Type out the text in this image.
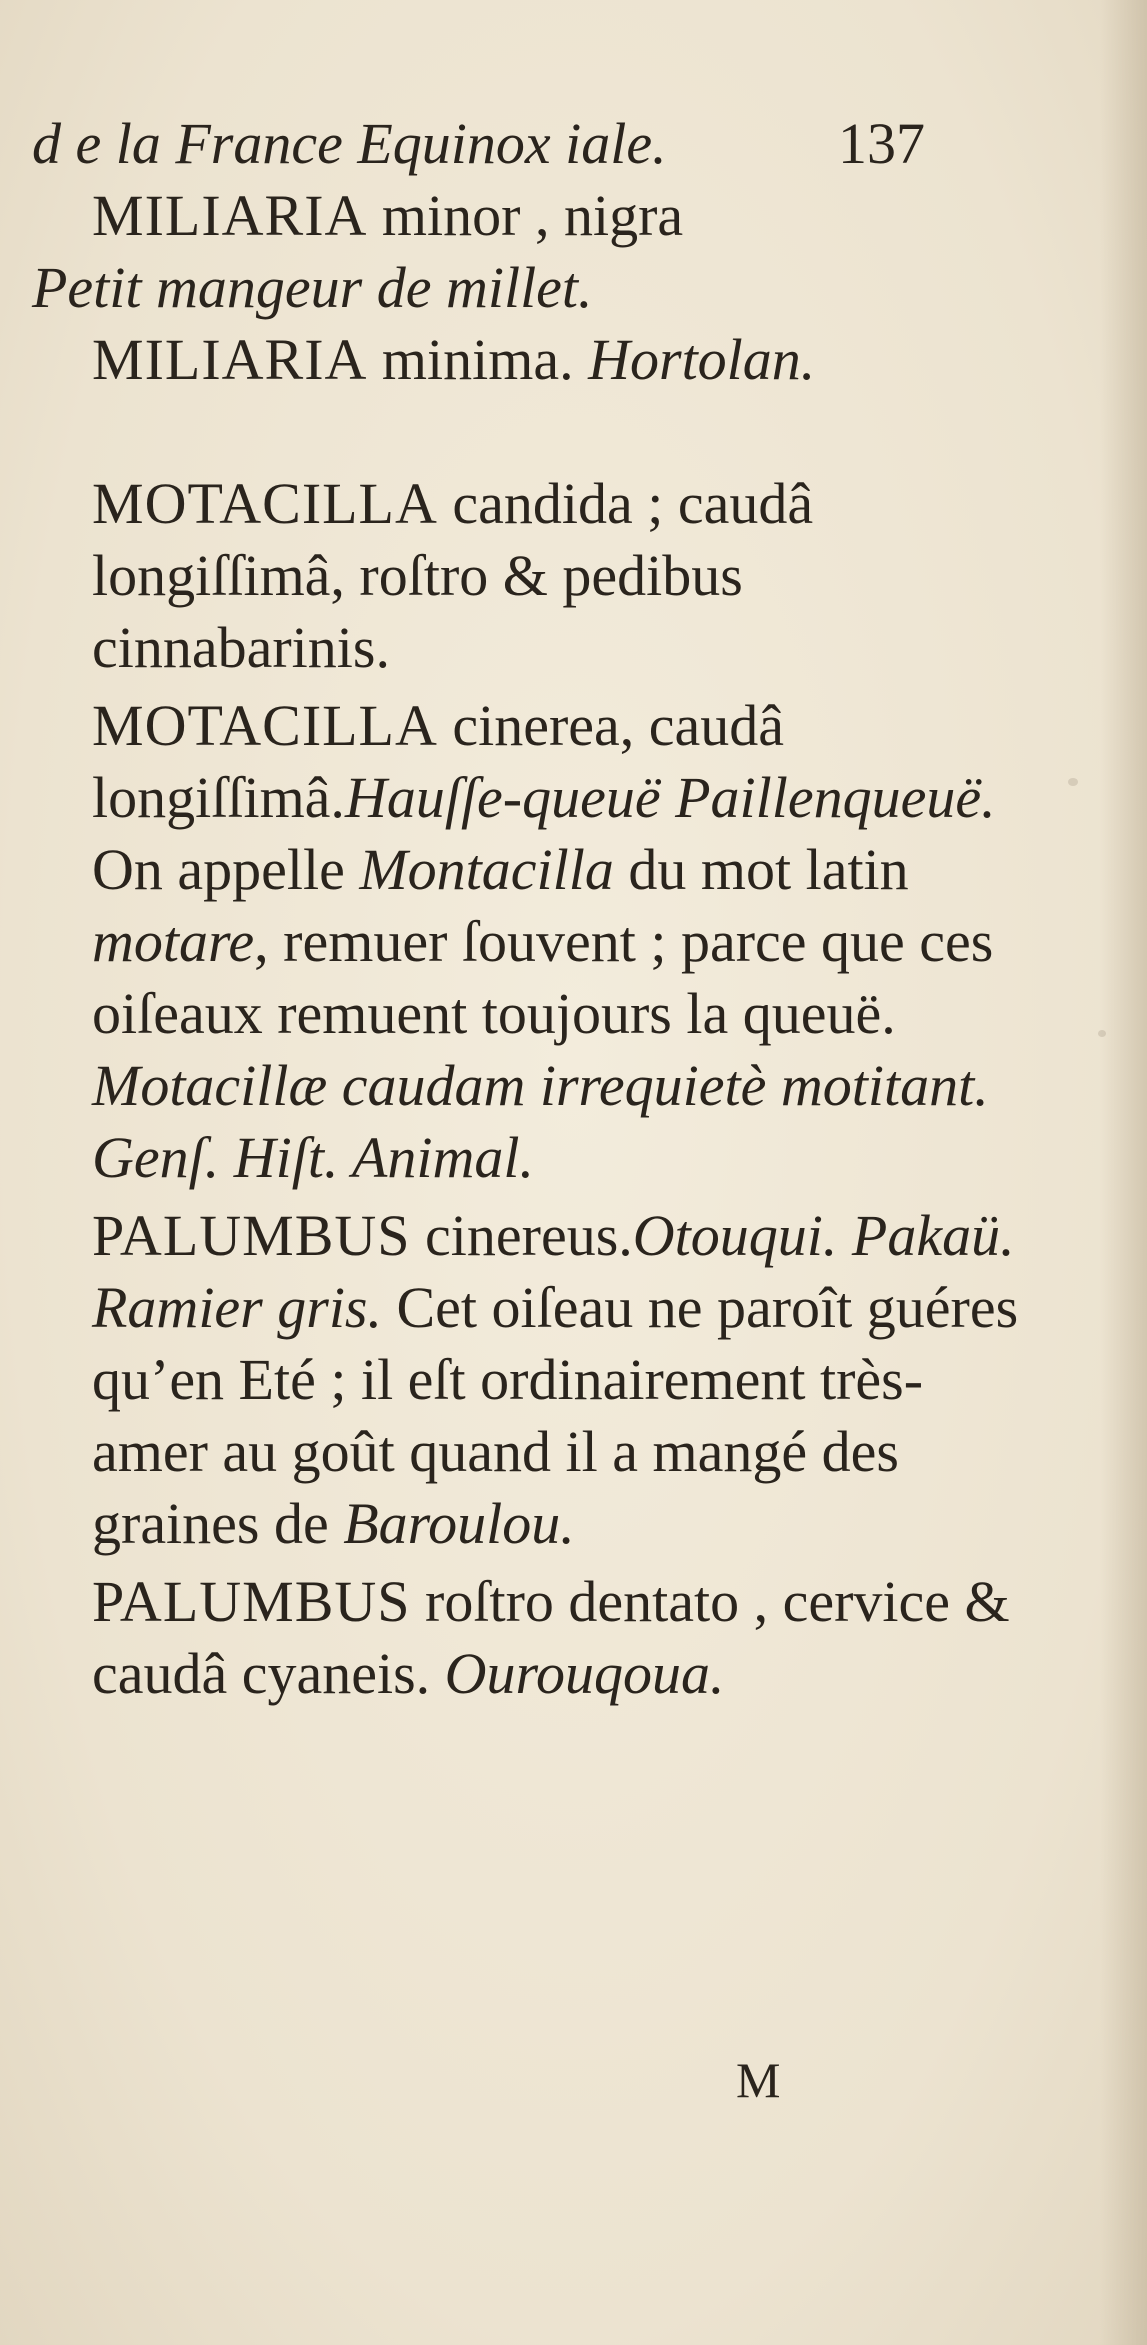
d e la France Equinox iale.	137
MILIARIA minor , nigra
Petit mangeur de millet.
MILIARIA minima. Hortolan.
MOTACILLA candida ; caudâ longiſſimâ, roſtro & pedibus cinnabarinis.
MOTACILLA cinerea, caudâ longiſſimâ.Hauſſe-queuë Paillenqueuë. On appelle Montacilla du mot latin motare, remuer ſouvent ; parce que ces oiſeaux remuent toujours la queuë. Motacillæ caudam irrequietè motitant. Genſ. Hiſt. Animal.
PALUMBUS cinereus.Otouqui. Pakaü. Ramier gris. Cet oiſeau ne paroît guéres qu’en Eté ; il eſt ordinairement très-amer au goût quand il a mangé des graines de Baroulou.
PALUMBUS roſtro dentato , cervice & caudâ cyaneis. Ourouqoua.
M
